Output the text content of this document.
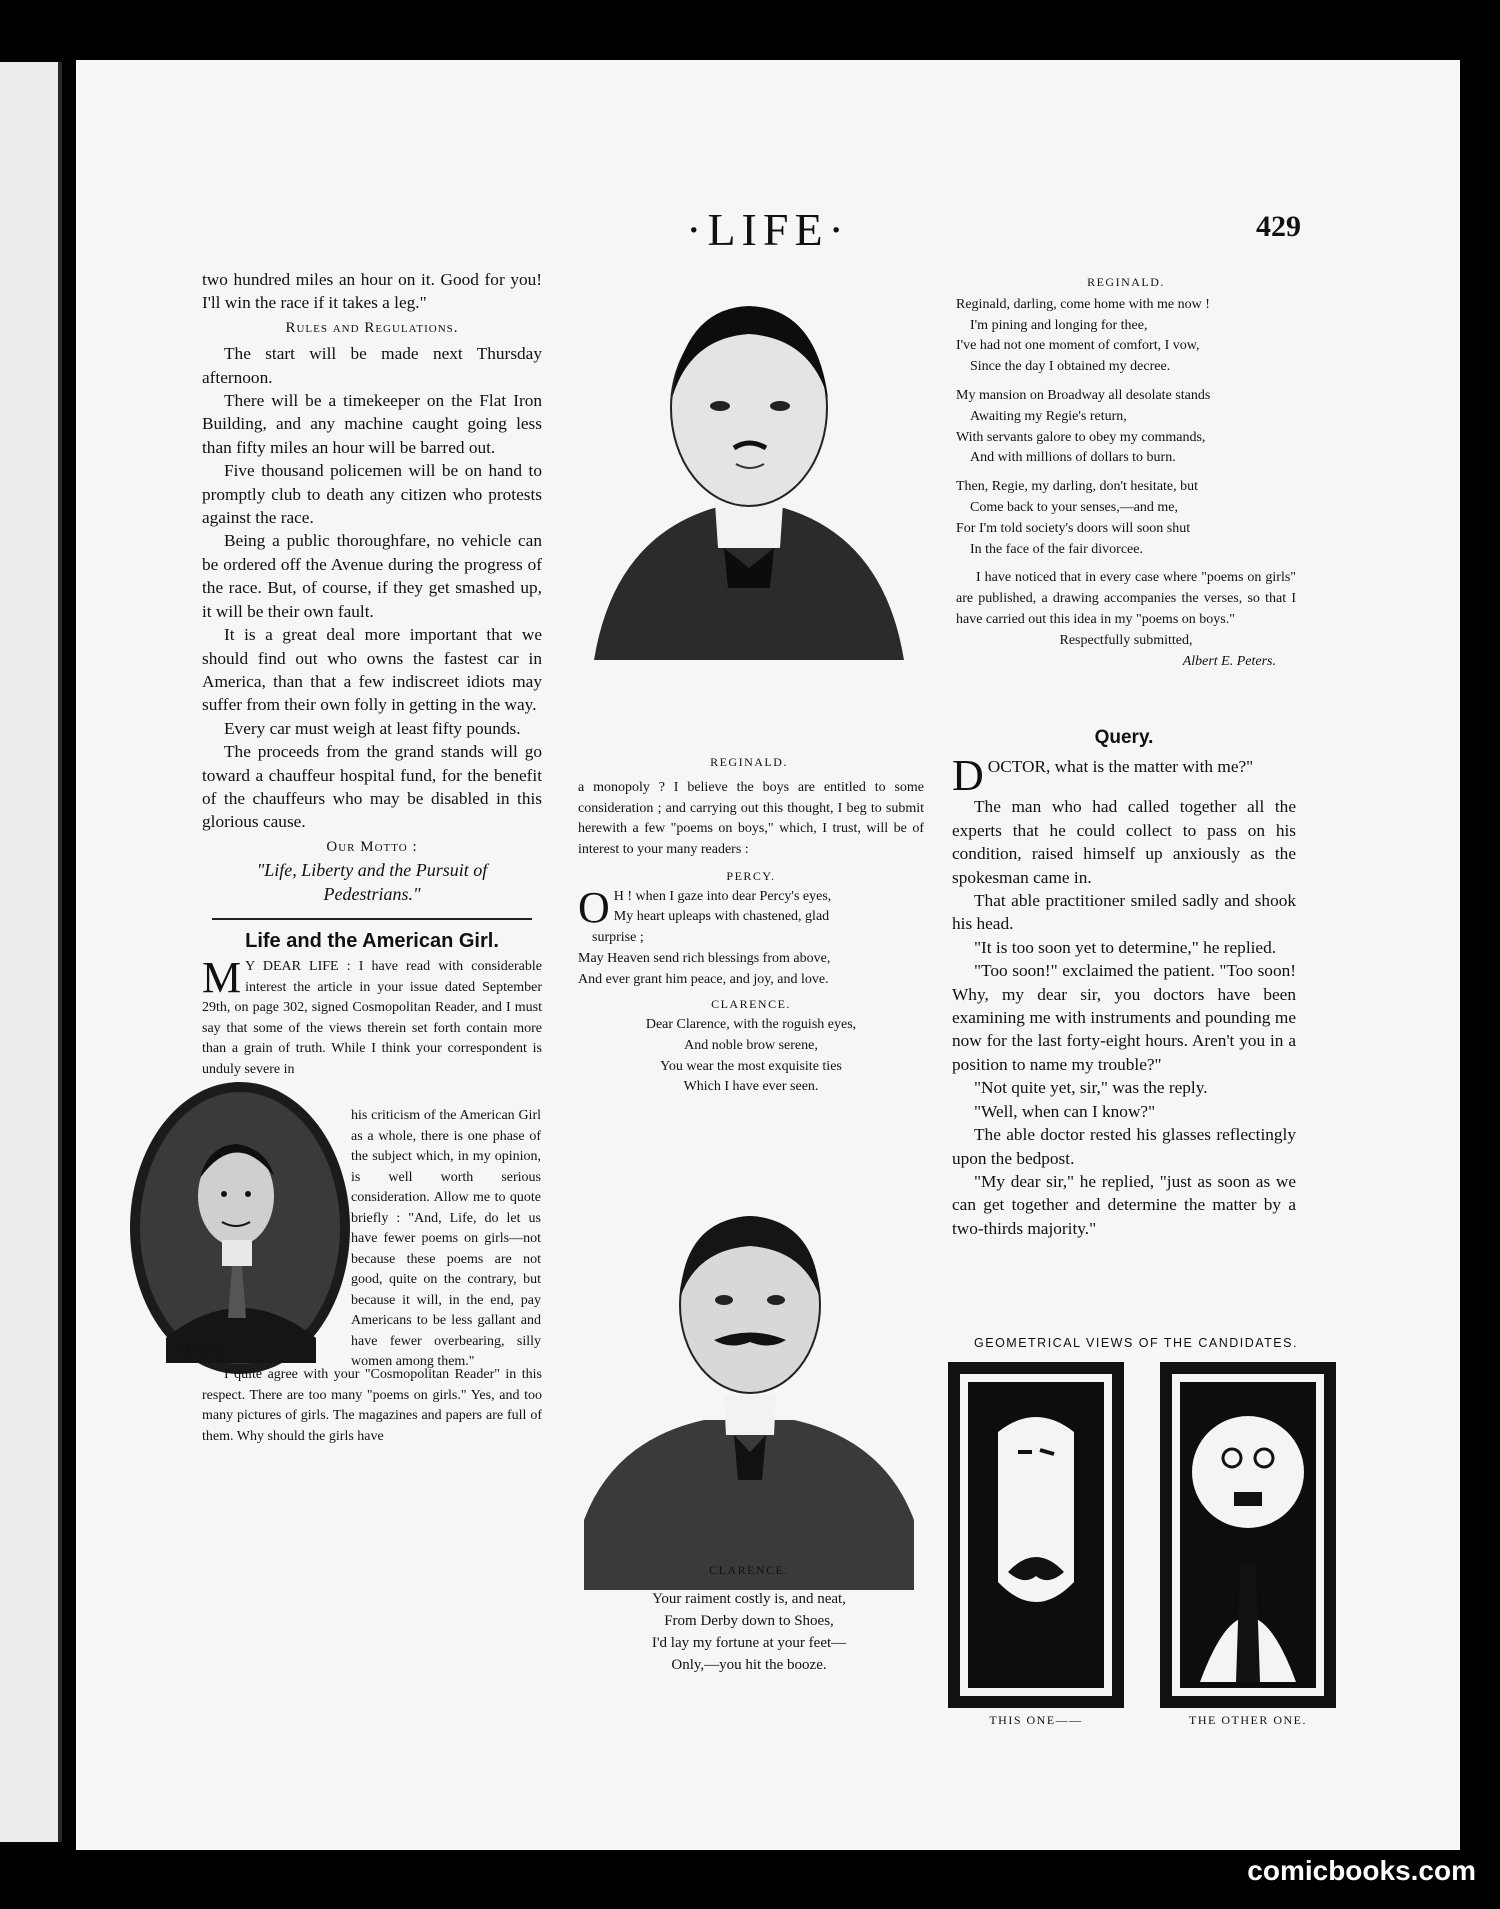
·LIFE·	429

two hundred miles an hour on it. Good for you! I'll win the race if it takes a leg."

Rules and Regulations.

The start will be made next Thursday afternoon.

There will be a timekeeper on the Flat Iron Building, and any machine caught going less than fifty miles an hour will be barred out.

Five thousand policemen will be on hand to promptly club to death any citizen who protests against the race.

Being a public thoroughfare, no vehicle can be ordered off the Avenue during the progress of the race. But, of course, if they get smashed up, it will be their own fault.

It is a great deal more important that we should find out who owns the fastest car in America, than that a few indiscreet idiots may suffer from their own folly in getting in the way.

Every car must weigh at least fifty pounds.

The proceeds from the grand stands will go toward a chauffeur hospital fund, for the benefit of the chauffeurs who may be disabled in this glorious cause.

Our Motto :
"Life, Liberty and the Pursuit of Pedestrians."
Life and the American Girl.
M Y DEAR LIFE : I have read with considerable interest the article in your issue dated September 29th, on page 302, signed Cosmopolitan Reader, and I must say that some of the views therein set forth contain more than a grain of truth. While I think your correspondent is unduly severe in
his criticism of the American Girl as a whole, there is one phase of the subject which, in my opinion, is well worth serious consideration. Allow me to quote briefly : "And, Life, do let us have fewer poems on girls—not because these poems are not good, quite on the contrary, but because it will, in the end, pay Americans to be less gallant and have fewer overbearing, silly women among them."
PERCY.

I quite agree with your "Cosmopolitan Reader" in this respect. There are too many "poems on girls." Yes, and too many pictures of girls. The magazines and papers are full of them. Why should the girls have

REGINALD.

a monopoly ? I believe the boys are entitled to some consideration ; and carrying out this thought, I beg to submit herewith a few "poems on boys," which, I trust, will be of interest to your many readers :

PERCY.
O H ! when I gaze into dear Percy's eyes,
My heart upleaps with chastened, glad
surprise ;
May Heaven send rich blessings from above,
And ever grant him peace, and joy, and love.
CLARENCE.
Dear Clarence, with the roguish eyes,
And noble brow serene,
You wear the most exquisite ties
Which I have ever seen.
CLARENCE.
Your raiment costly is, and neat,
From Derby down to Shoes,
I'd lay my fortune at your feet—
Only,—you hit the booze.
REGINALD.
Reginald, darling, come home with me now !
I'm pining and longing for thee,
I've had not one moment of comfort, I vow,
Since the day I obtained my decree.
My mansion on Broadway all desolate stands
Awaiting my Regie's return,
With servants galore to obey my commands,
And with millions of dollars to burn.
Then, Regie, my darling, don't hesitate, but
Come back to your senses,—and me,
For I'm told society's doors will soon shut
In the face of the fair divorcee.

I have noticed that in every case where "poems on girls" are published, a drawing accompanies the verses, so that I have carried out this idea in my "poems on boys."

Respectfully submitted,
Albert E. Peters.
Query.
DOCTOR, what is the matter with me?"

The man who had called together all the experts that he could collect to pass on his condition, raised himself up anxiously as the spokesman came in.

That able practitioner smiled sadly and shook his head.

"It is too soon yet to determine," he replied.

"Too soon!" exclaimed the patient. "Too soon! Why, my dear sir, you doctors have been examining me with instruments and pounding me now for the last forty-eight hours. Aren't you in a position to name my trouble?"

"Not quite yet, sir," was the reply.

"Well, when can I know?"

The able doctor rested his glasses reflectingly upon the bedpost.

"My dear sir," he replied, "just as soon as we can get together and determine the matter by a two-thirds majority."

GEOMETRICAL VIEWS OF THE CANDIDATES.
THIS ONE——	THE OTHER ONE.
comicbooks.com
